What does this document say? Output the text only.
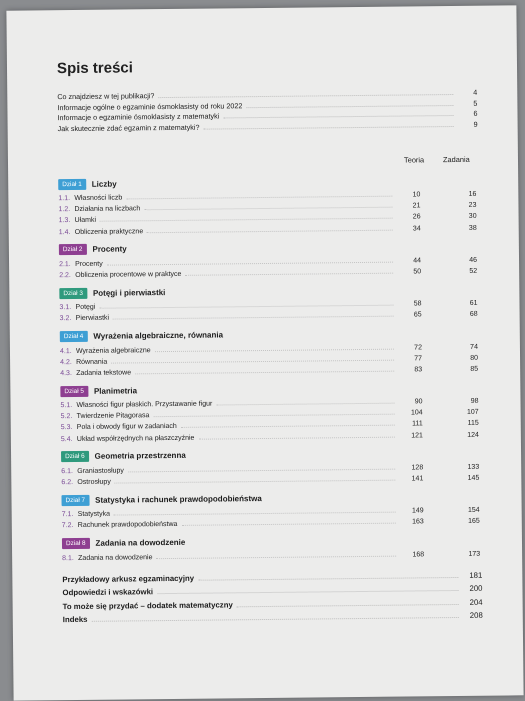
Spis treści
Co znajdziesz w tej publikacji?	4
Informacje ogólne o egzaminie ósmoklasisty od roku 2022	5
Informacje o egzaminie ósmoklasisty z matematyki	6
Jak skutecznie zdać egzamin z matematyki?	9
Teoria	Zadania
Dział 1	Liczby
1.1. Własności liczb	10	16
1.2. Działania na liczbach	21	23
1.3. Ułamki	26	30
1.4. Obliczenia praktyczne	34	38
Dział 2	Procenty
2.1. Procenty	44	46
2.2. Obliczenia procentowe w praktyce	50	52
Dział 3	Potęgi i pierwiastki
3.1. Potęgi	58	61
3.2. Pierwiastki	65	68
Dział 4	Wyrażenia algebraiczne, równania
4.1. Wyrażenia algebraiczne	72	74
4.2. Równania	77	80
4.3. Zadania tekstowe	83	85
Dział 5	Planimetria
5.1. Własności figur płaskich. Przystawanie figur	90	98
5.2. Twierdzenie Pitagorasa	104	107
5.3. Pola i obwody figur w zadaniach	111	115
5.4. Układ współrzędnych na płaszczyźnie	121	124
Dział 6	Geometria przestrzenna
6.1. Graniastosłupy	128	133
6.2. Ostrosłupy	141	145
Dział 7	Statystyka i rachunek prawdopodobieństwa
7.1. Statystyka	149	154
7.2. Rachunek prawdopodobieństwa	163	165
Dział 8	Zadania na dowodzenie
8.1. Zadania na dowodzenie	168	173
Przykładowy arkusz egzaminacyjny	181
Odpowiedzi i wskazówki	200
To może się przydać – dodatek matematyczny	204
Indeks	208
